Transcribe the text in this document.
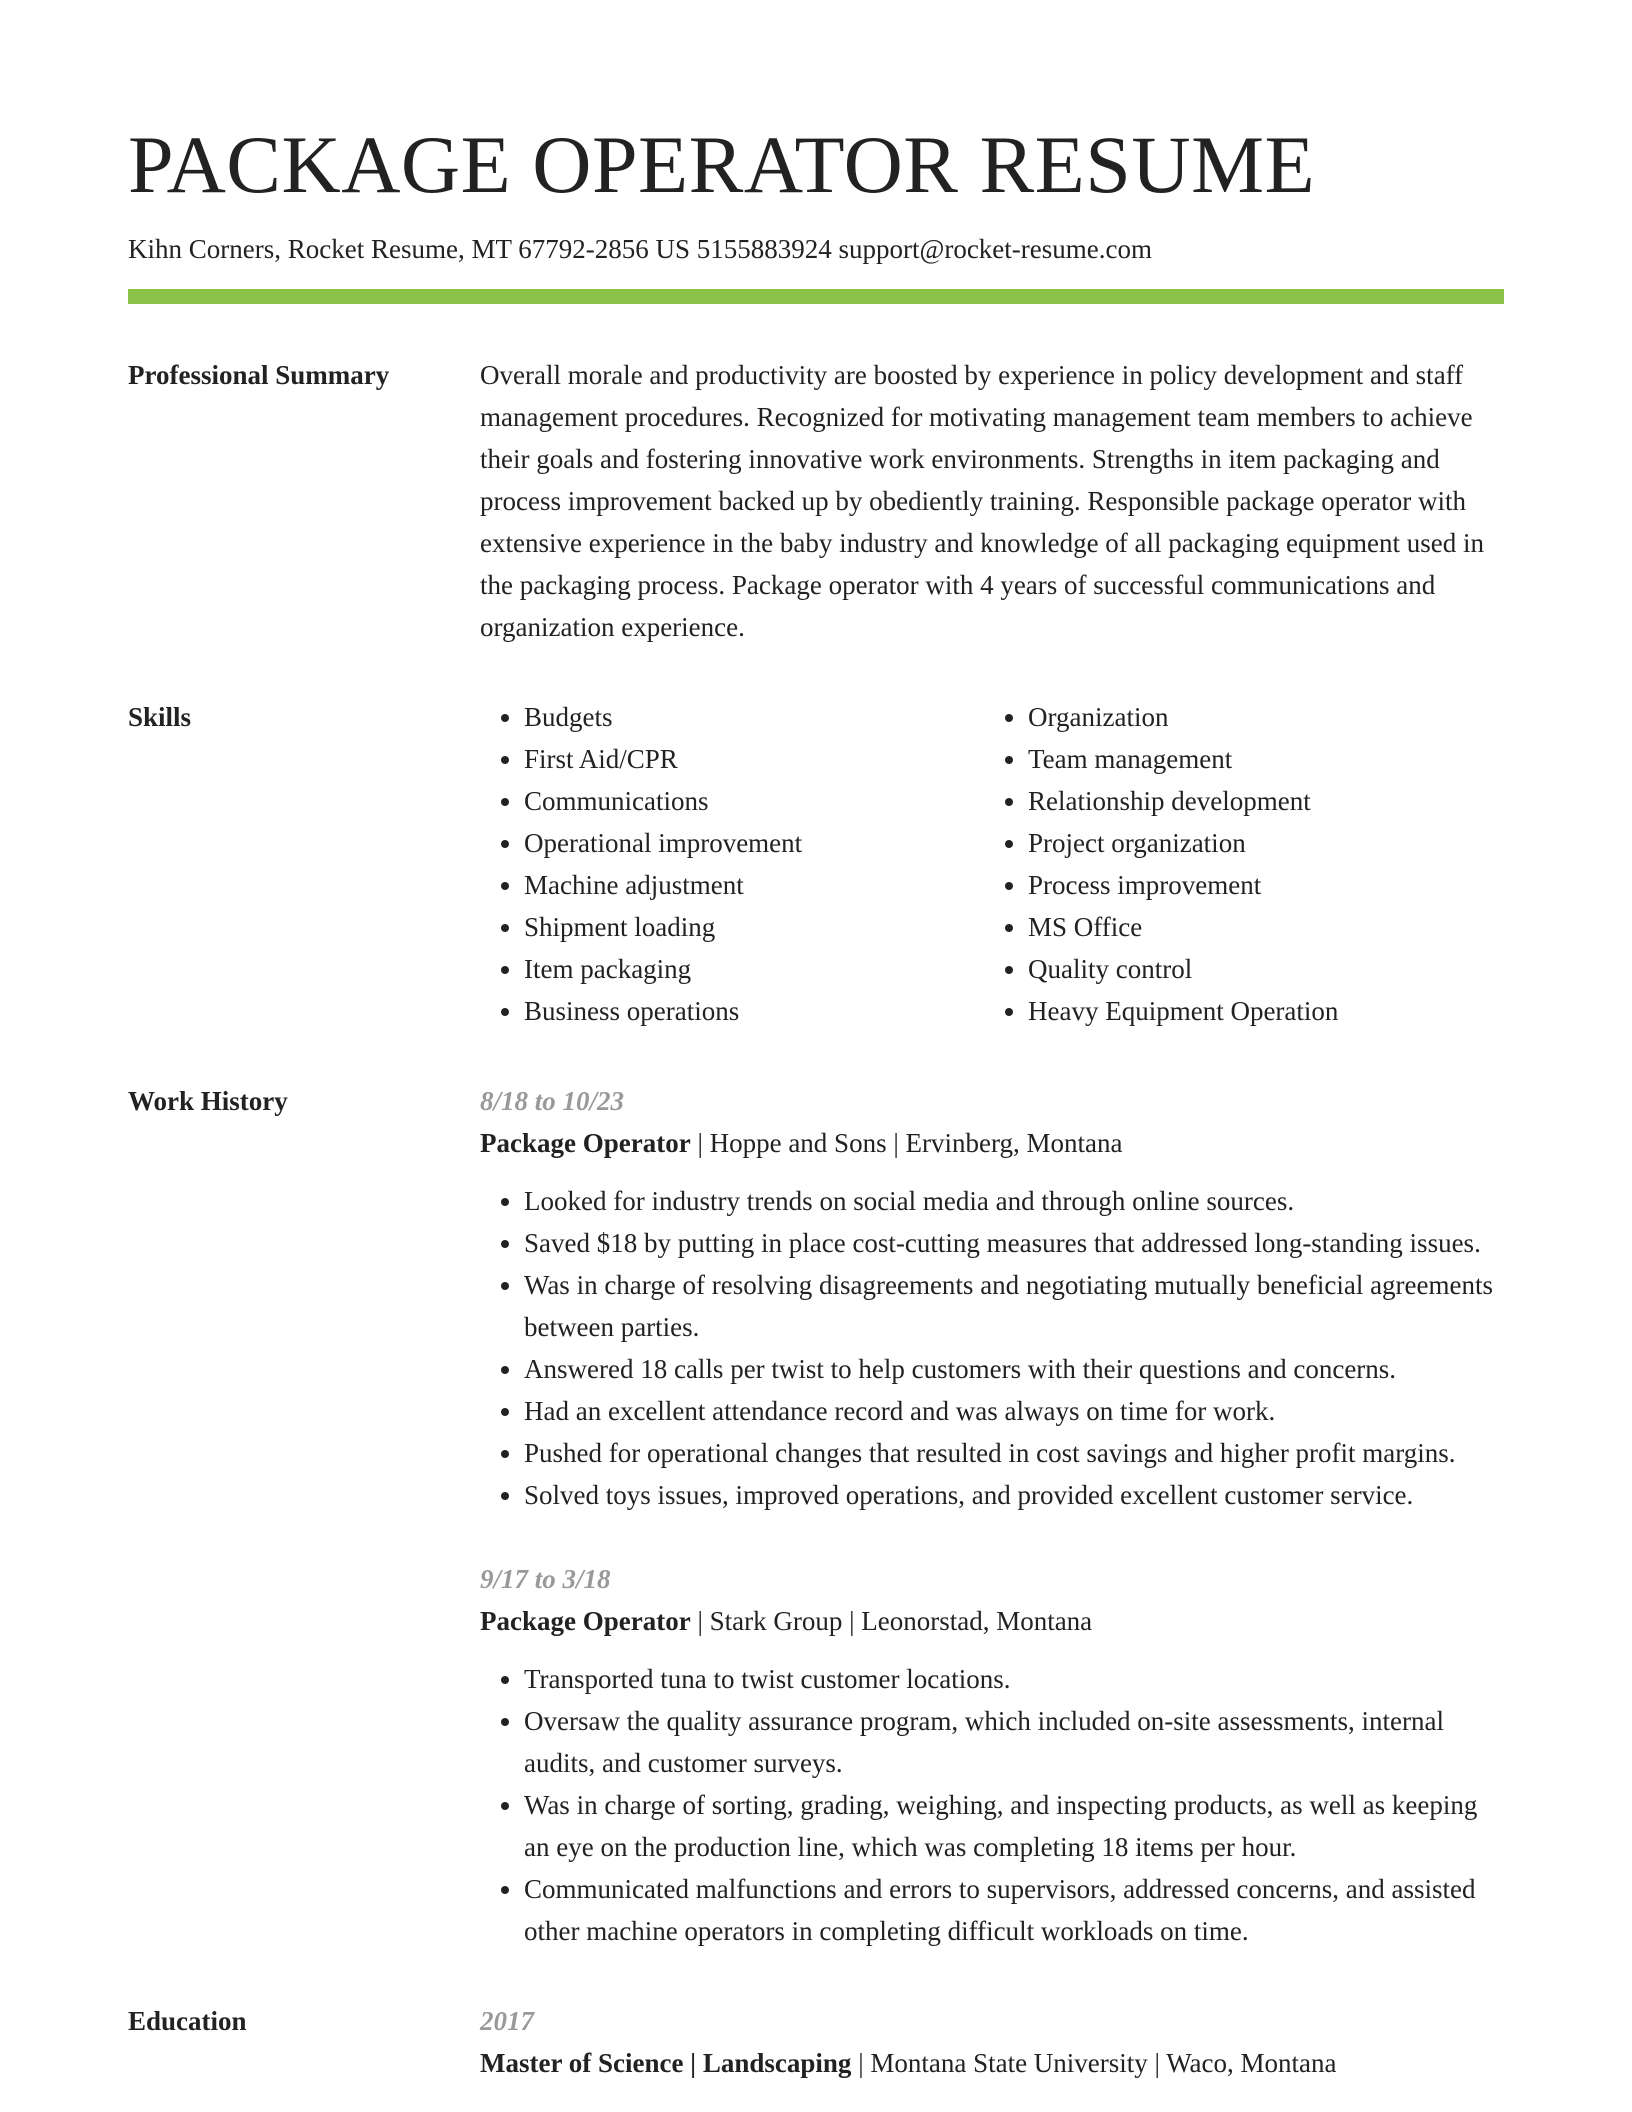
PACKAGE OPERATOR RESUME
Kihn Corners, Rocket Resume, MT 67792-2856 US 5155883924 support@rocket-resume.com
Professional Summary	Overall morale and productivity are boosted by experience in policy development and staff management procedures. Recognized for motivating management team members to achieve their goals and fostering innovative work environments. Strengths in item packaging and process improvement backed up by obediently training. Responsible package operator with extensive experience in the baby industry and knowledge of all packaging equipment used in the packaging process. Package operator with 4 years of successful communications and organization experience.

Skills
•	Budgets
• First Aid/CPR
• Communications
• Operational improvement
• Machine adjustment
• Shipment loading
• Item packaging
• Business operations
• Organization
• Team management
• Relationship development
• Project organization
• Process improvement
• MS Office
• Quality control
• Heavy Equipment Operation
Work History	8/18 to 10/23
Package Operator | Hoppe and Sons | Ervinberg, Montana
• Looked for industry trends on social media and through online sources.
• Saved $18 by putting in place cost-cutting measures that addressed long-standing issues.
• Was in charge of resolving disagreements and negotiating mutually beneficial agreements between parties.
• Answered 18 calls per twist to help customers with their questions and concerns.
• Had an excellent attendance record and was always on time for work.
• Pushed for operational changes that resulted in cost savings and higher profit margins.
• Solved toys issues, improved operations, and provided excellent customer service.
9/17 to 3/18
Package Operator | Stark Group | Leonorstad, Montana
• Transported tuna to twist customer locations.
• Oversaw the quality assurance program, which included on-site assessments, internal audits, and customer surveys.
• Was in charge of sorting, grading, weighing, and inspecting products, as well as keeping an eye on the production line, which was completing 18 items per hour.
• Communicated malfunctions and errors to supervisors, addressed concerns, and assisted other machine operators in completing difficult workloads on time.
Education	2017
Master of Science | Landscaping | Montana State University | Waco, Montana
